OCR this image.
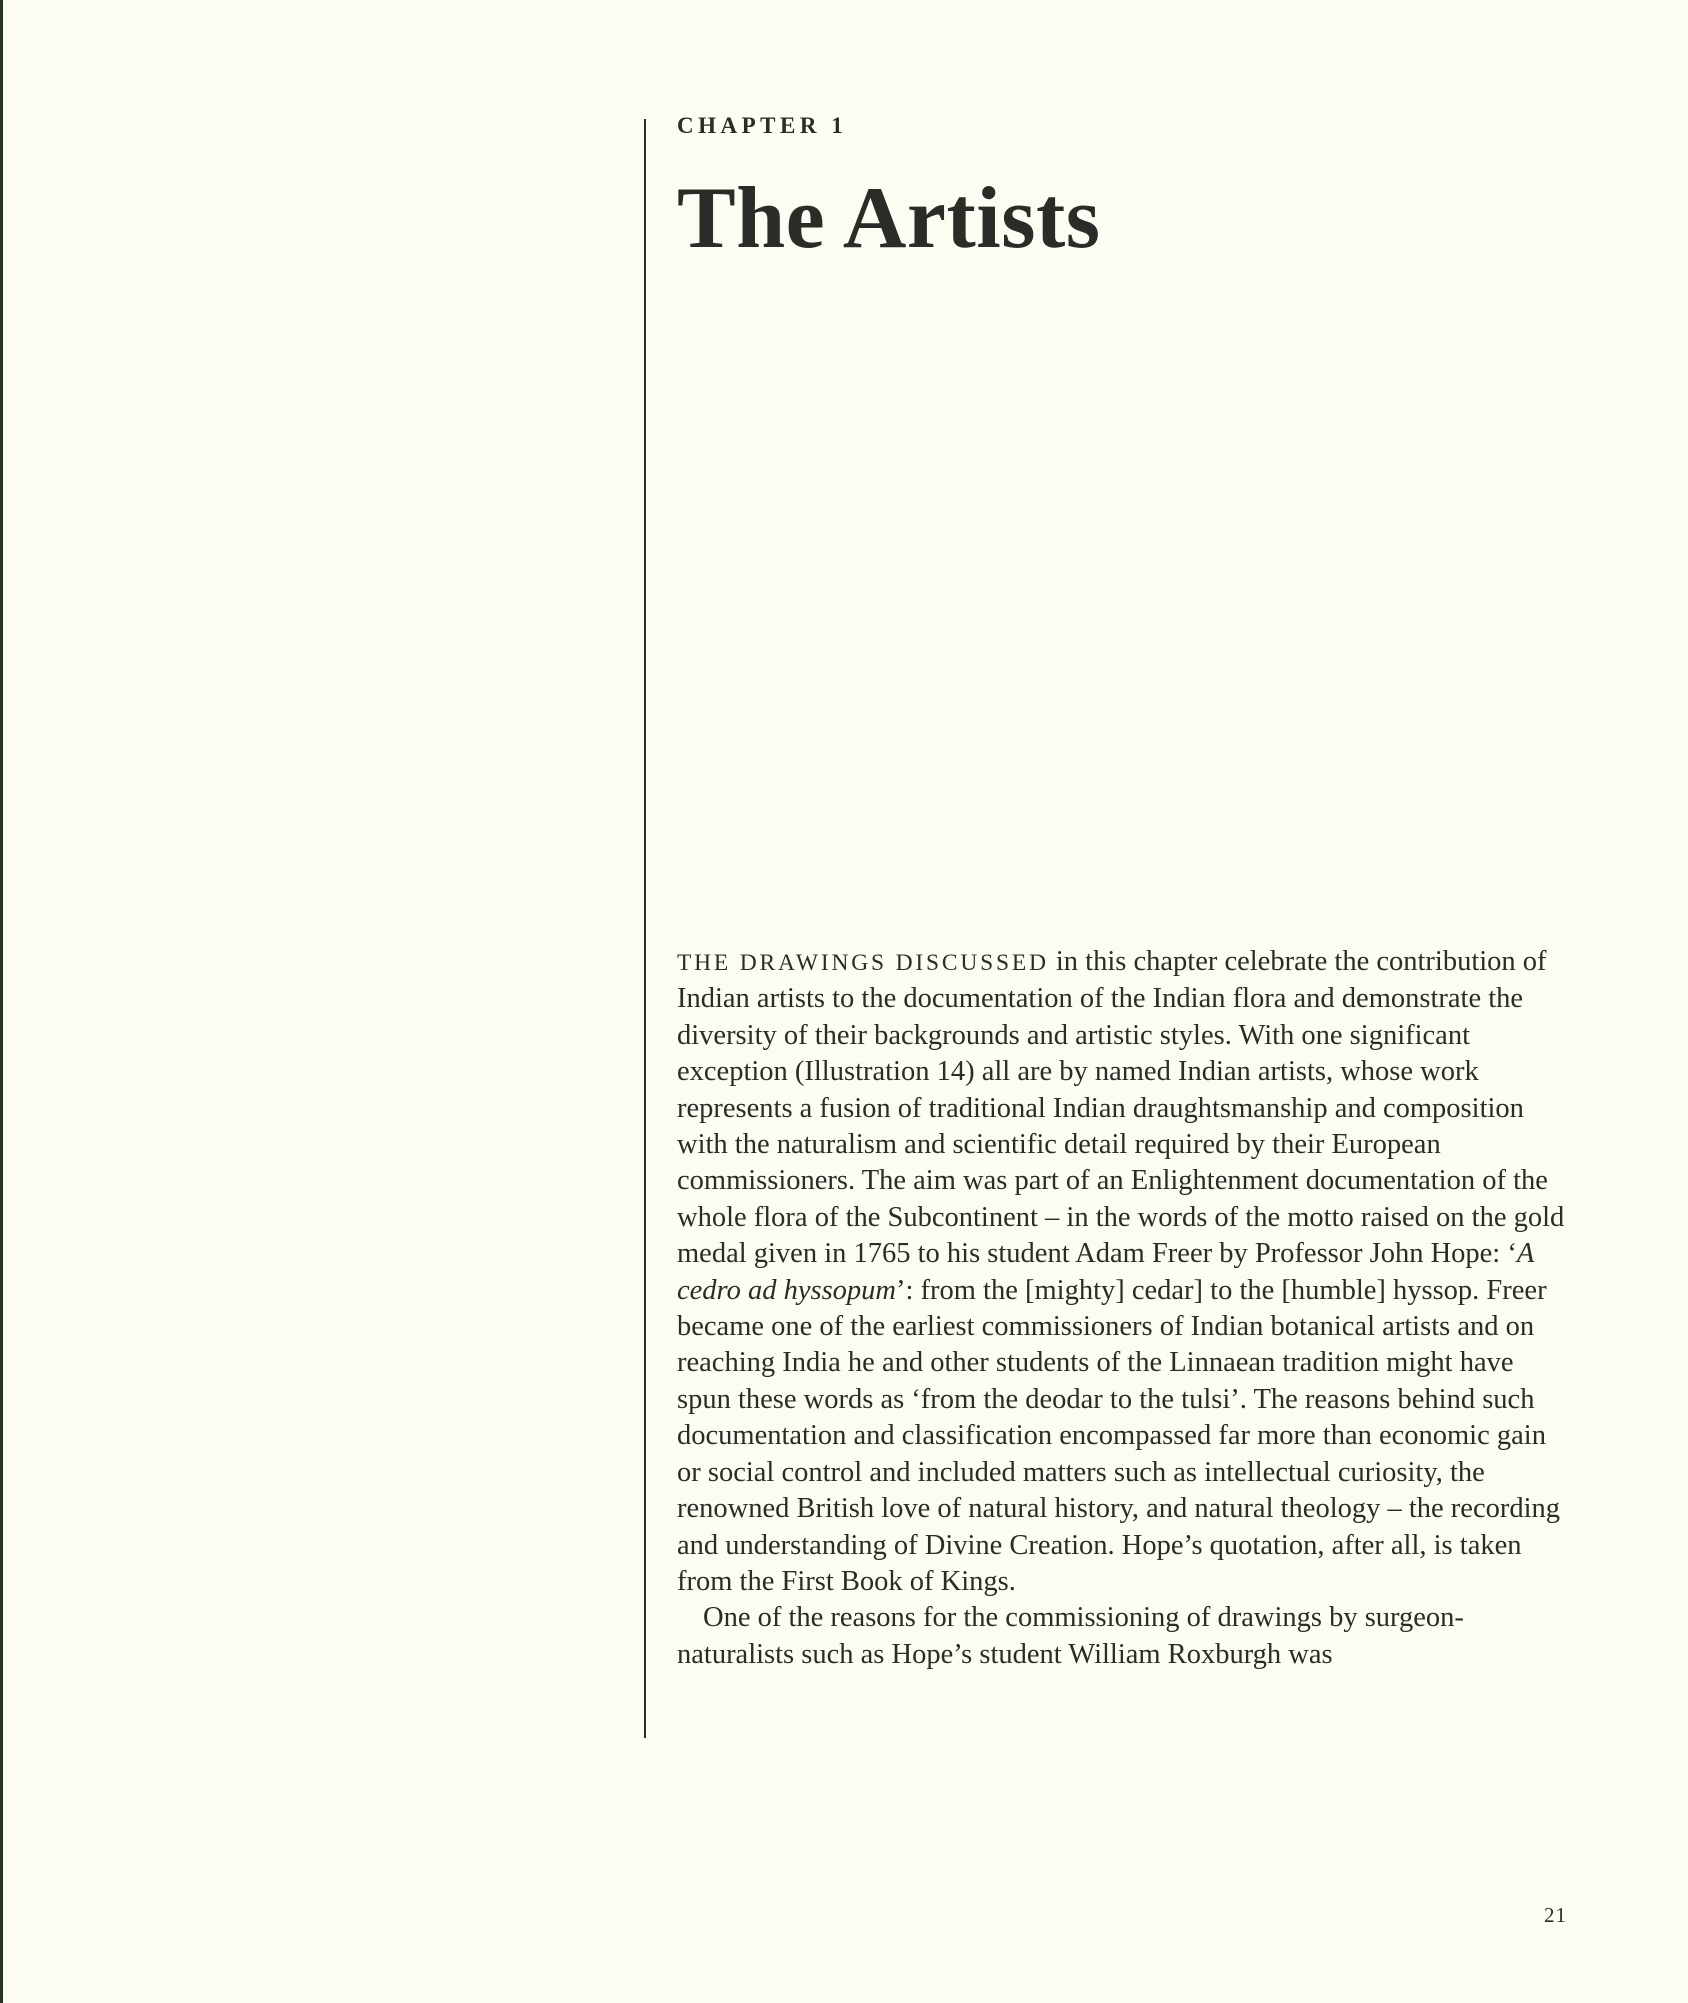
CHAPTER 1
The Artists

THE DRAWINGS DISCUSSED in this chapter celebrate the contribution of Indian artists to the documentation of the Indian flora and demonstrate the diversity of their backgrounds and artistic styles. With one significant exception (Illustration 14) all are by named Indian artists, whose work represents a fusion of traditional Indian draughtsmanship and composition with the naturalism and scientific detail required by their European commissioners. The aim was part of an Enlightenment documentation of the whole flora of the Subcontinent – in the words of the motto raised on the gold medal given in 1765 to his student Adam Freer by Professor John Hope: ‘A cedro ad hyssopum’: from the [mighty] cedar] to the [humble] hyssop. Freer became one of the earliest commissioners of Indian botanical artists and on reaching India he and other students of the Linnaean tradition might have spun these words as ‘from the deodar to the tulsi’. The reasons behind such documentation and classification encompassed far more than economic gain or social control and included matters such as intellectual curiosity, the renowned British love of natural history, and natural theology – the recording and understanding of Divine Creation. Hope’s quotation, after all, is taken from the First Book of Kings.

One of the reasons for the commissioning of drawings by surgeon-naturalists such as Hope’s student William Roxburgh was

21
